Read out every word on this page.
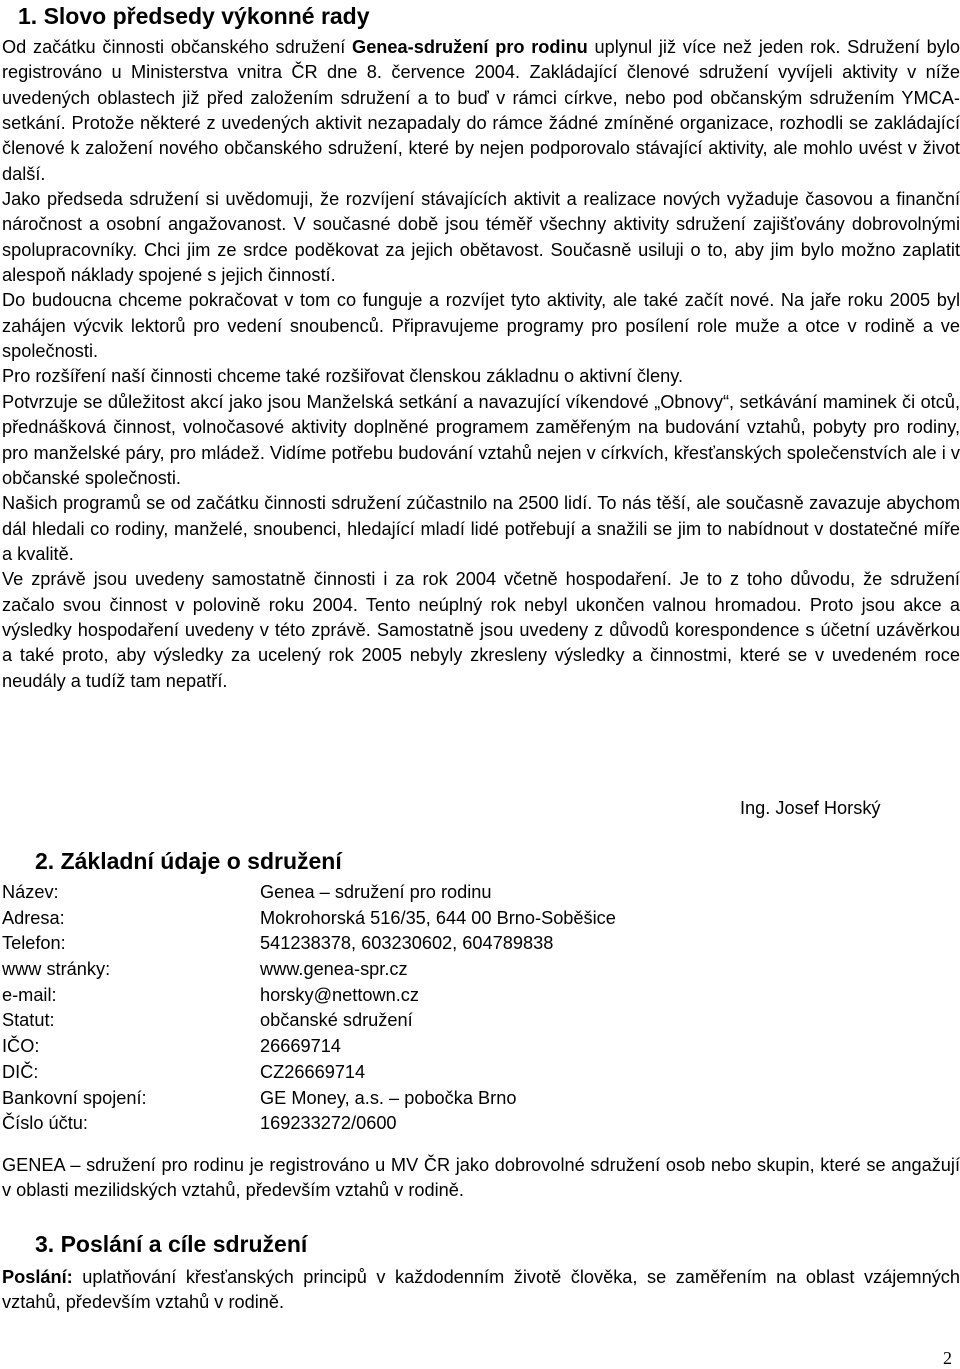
1. Slovo předsedy výkonné rady

Od začátku činnosti občanského sdružení Genea-sdružení pro rodinu uplynul již více než jeden rok. Sdružení bylo registrováno u Ministerstva vnitra ČR dne 8. července 2004. Zakládající členové sdružení vyvíjeli aktivity v níže uvedených oblastech již před založením sdružení a to buď v rámci církve, nebo pod občanským sdružením YMCA-setkání. Protože některé z uvedených aktivit nezapadaly do rámce žádné zmíněné organizace, rozhodli se zakládající členové k založení nového občanského sdružení, které by nejen podporovalo stávající aktivity, ale mohlo uvést v život další.

Jako předseda sdružení si uvědomuji, že rozvíjení stávajících aktivit a realizace nových vyžaduje časovou a finanční náročnost a osobní angažovanost. V současné době jsou téměř všechny aktivity sdružení zajišťovány dobrovolnými spolupracovníky. Chci jim ze srdce poděkovat za jejich obětavost. Současně usiluji o to, aby jim bylo možno zaplatit alespoň náklady spojené s jejich činností.

Do budoucna chceme pokračovat v tom co funguje a rozvíjet tyto aktivity, ale také začít nové. Na jaře roku 2005 byl zahájen výcvik lektorů pro vedení snoubenců. Připravujeme programy pro posílení role muže a otce v rodině a ve společnosti.

Pro rozšíření naší činnosti chceme také rozšiřovat členskou základnu o aktivní členy.

Potvrzuje se důležitost akcí jako jsou Manželská setkání a navazující víkendové „Obnovy“, setkávání maminek či otců, přednášková činnost, volnočasové aktivity doplněné programem zaměřeným na budování vztahů, pobyty pro rodiny, pro manželské páry, pro mládež. Vidíme potřebu budování vztahů nejen v církvích, křesťanských společenstvích ale i v občanské společnosti.

Našich programů se od začátku činnosti sdružení zúčastnilo na 2500 lidí. To nás těší, ale současně zavazuje abychom dál hledali co rodiny, manželé, snoubenci, hledající mladí lidé potřebují a snažili se jim to nabídnout v dostatečné míře a kvalitě.

Ve zprávě jsou uvedeny samostatně činnosti i za rok 2004 včetně hospodaření. Je to z toho důvodu, že sdružení začalo svou činnost v polovině roku 2004. Tento neúplný rok nebyl ukončen valnou hromadou. Proto jsou akce a výsledky hospodaření uvedeny v této zprávě. Samostatně jsou uvedeny z důvodů korespondence s účetní uzávěrkou a také proto, aby výsledky za ucelený rok 2005 nebyly zkresleny výsledky a činnostmi, které se v uvedeném roce neudály a tudíž tam nepatří.

Ing. Josef Horský
2. Základní údaje o sdružení
Název:	Genea – sdružení pro rodinu
Adresa:	Mokrohorská 516/35, 644 00 Brno-Soběšice
Telefon:	541238378, 603230602, 604789838
www stránky:	www.genea-spr.cz
e-mail:	horsky@nettown.cz
Statut:	občanské sdružení
IČO:	26669714
DIČ:	CZ26669714
Bankovní spojení:	GE Money, a.s. – pobočka Brno
Číslo účtu:	169233272/0600

GENEA – sdružení pro rodinu je registrováno u MV ČR jako dobrovolné sdružení osob nebo skupin, které se angažují v oblasti mezilidských vztahů, především vztahů v rodině.

3. Poslání a cíle sdružení

Poslání: uplatňování křesťanských principů v každodenním životě člověka, se zaměřením na oblast vzájemných vztahů, především vztahů v rodině.

2
